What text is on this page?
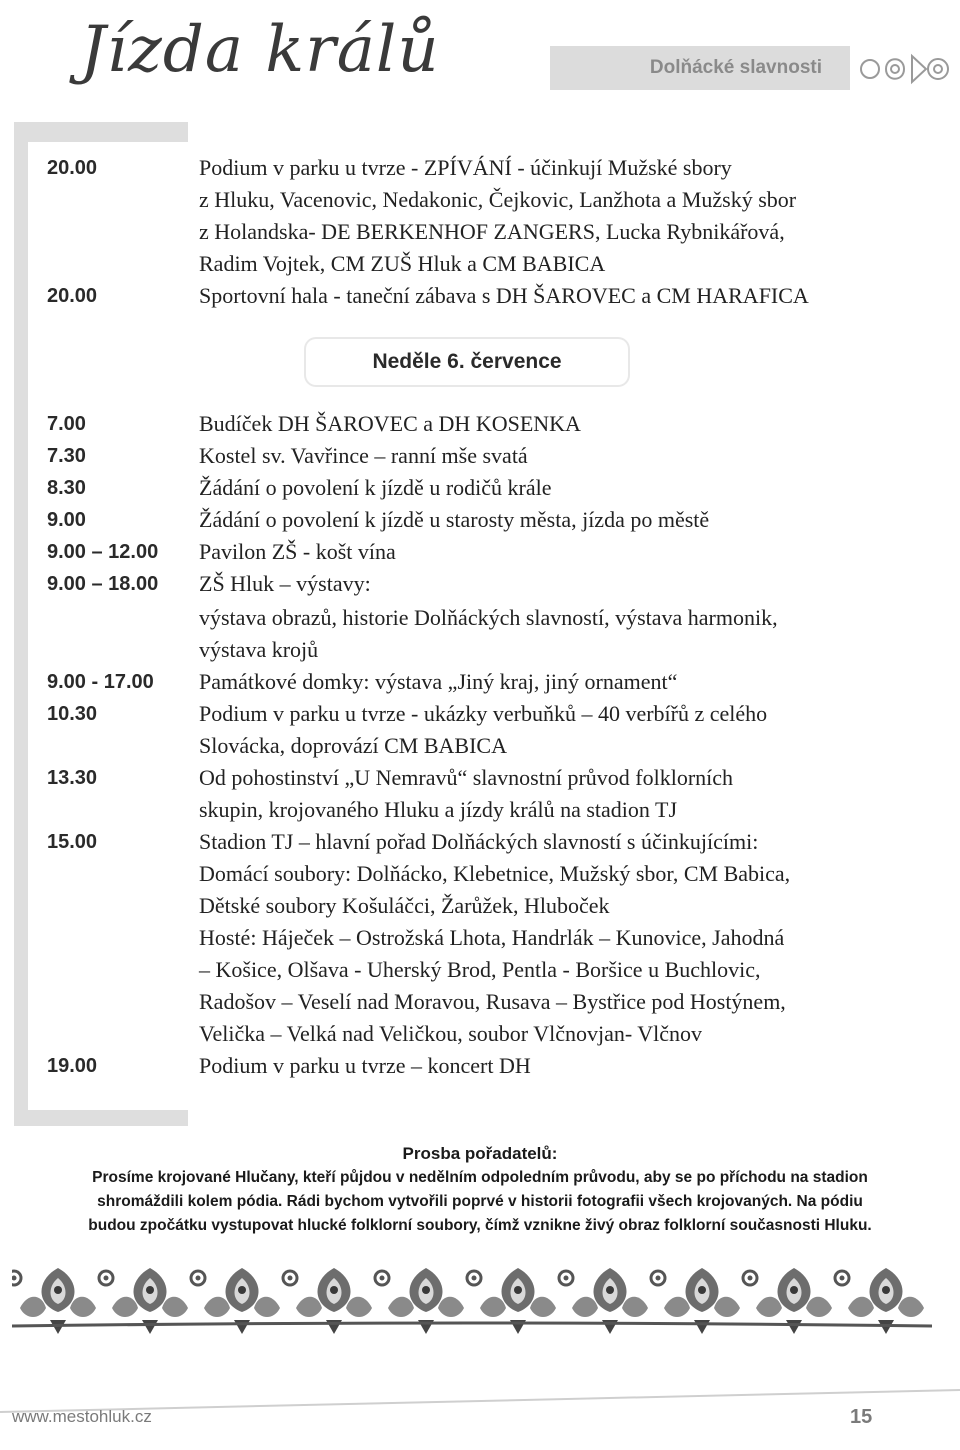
Jízda králů	Dolňácké slavnosti
20.00	Podium v parku u tvrze - ZPÍVÁNÍ - účinkují Mužské sbory
z Hluku, Vacenovic, Nedakonic, Čejkovic, Lanžhota a Mužský sbor
z Holandska- DE BERKENHOF ZANGERS, Lucka Rybnikářová,
Radim Vojtek, CM ZUŠ Hluk a CM BABICA
20.00	Sportovní hala - taneční zábava s DH ŠAROVEC a CM HARAFICA
7.00	Budíček DH ŠAROVEC a DH KOSENKA
7.30	Kostel sv. Vavřince – ranní mše svatá
8.30	Žádání o povolení k jízdě u rodičů krále
9.00	Žádání o povolení k jízdě u starosty města, jízda po městě
9.00 – 12.00 Pavilon ZŠ - košt vína
9.00 – 18.00 ZŠ Hluk – výstavy:
výstava obrazů, historie Dolňáckých slavností, výstava harmonik,
výstava krojů
9.00 - 17.00 Památkové domky: výstava „Jiný kraj, jiný ornament“
10.30	Podium v parku u tvrze - ukázky verbuňků – 40 verbířů z celého
Slovácka, doprovází CM BABICA
13.30	Od pohostinství „U Nemravů“ slavnostní průvod folklorních
skupin, krojovaného Hluku a jízdy králů na stadion TJ
15.00	Stadion TJ – hlavní pořad Dolňáckých slavností s účinkujícími:
Domácí soubory: Dolňácko, Klebetnice, Mužský sbor, CM Babica,
Dětské soubory Košuláčci, Žarůžek, Hluboček
Hosté: Háječek – Ostrožská Lhota, Handrlák – Kunovice, Jahodná
– Košice, Olšava - Uherský Brod, Pentla - Boršice u Buchlovic,
Radošov – Veselí nad Moravou, Rusava – Bystřice pod Hostýnem,
Velička – Velká nad Veličkou, soubor Vlčnovjan- Vlčnov
19.00	Podium v parku u tvrze – koncert DH
Neděle 6. července
Prosba pořadatelů:
Prosíme krojované Hlučany, kteří půjdou v nedělním odpoledním průvodu, aby se po příchodu na stadion
shromáždili kolem pódia. Rádi bychom vytvořili poprvé v historii fotografii všech krojovaných. Na pódiu
budou zpočátku vystupovat hlucké folklorní soubory, čímž vznikne živý obraz folklorní současnosti Hluku.
www.mestohluk.cz	15
